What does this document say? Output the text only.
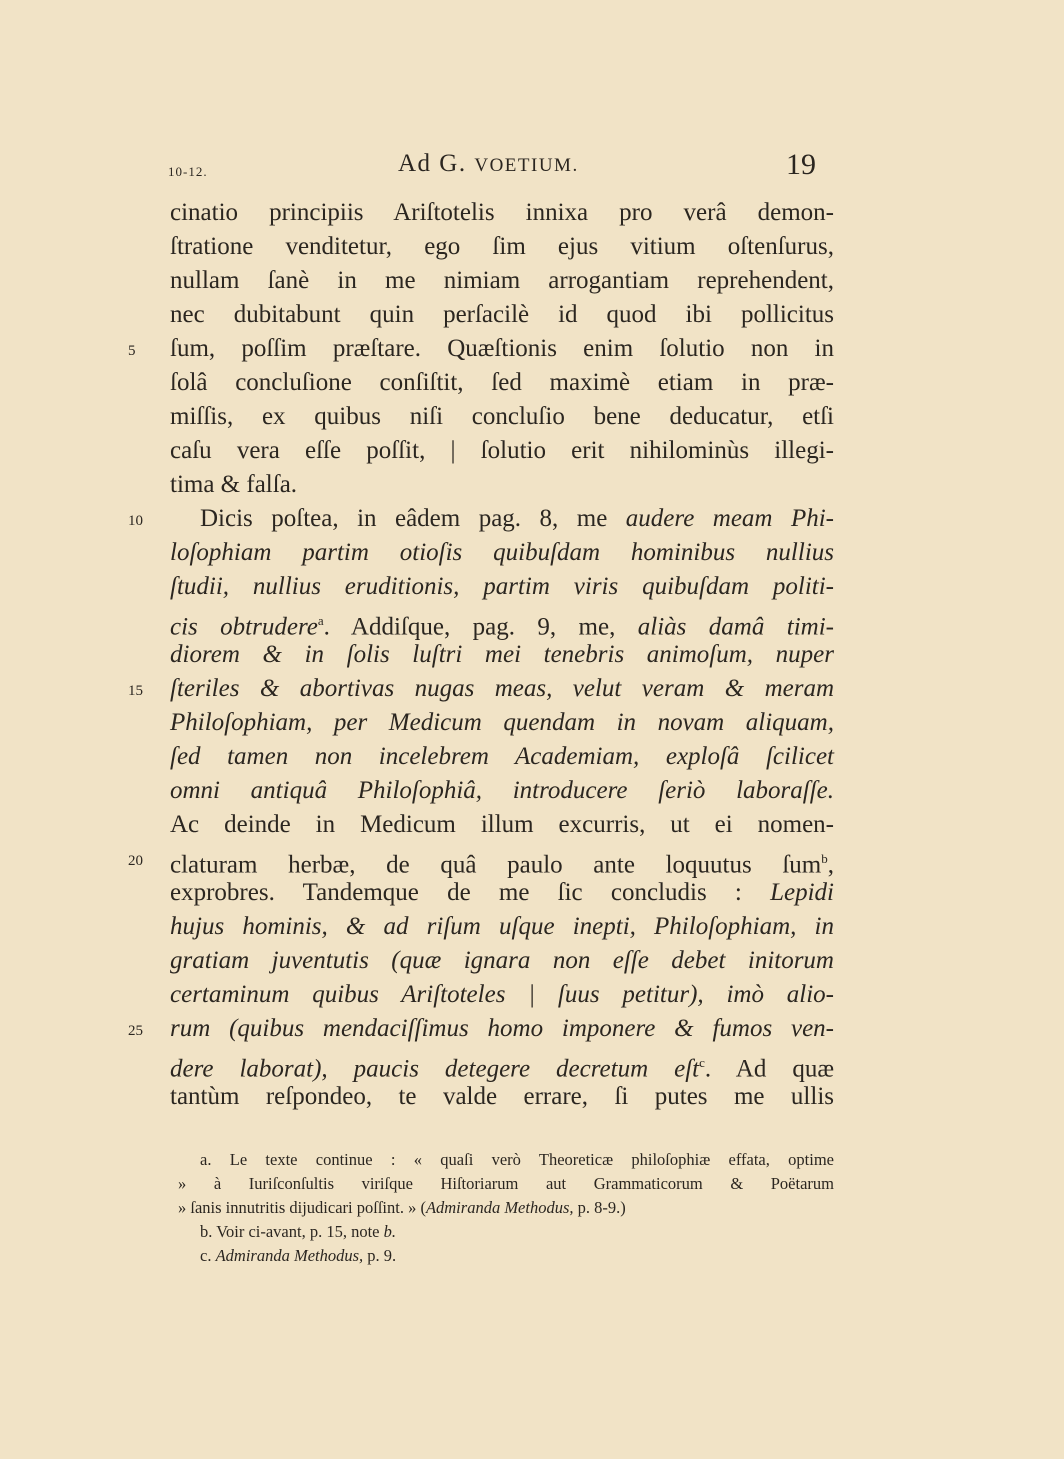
10-12.	Ad G. VOETIUM.	19
cinatio principiis Ariſtotelis innixa pro verâ demon-
ſtratione venditetur, ego ſim ejus vitium oſtenſurus,
nullam ſanè in me nimiam arrogantiam reprehendent,
nec dubitabunt quin perſacilè id quod ibi pollicitus
5	ſum, poſſim præſtare. Quæſtionis enim ſolutio non in
ſolâ concluſione conſiſtit, ſed maximè etiam in præ-
miſſis, ex quibus niſi concluſio bene deducatur, etſi
caſu vera eſſe poſſit, | ſolutio erit nihilominùs illegi-
tima & falſa.
10	Dicis poſtea, in eâdem pag. 8, me audere meam Phi-
loſophiam partim otioſis quibuſdam hominibus nullius
ſtudii, nullius eruditionis, partim viris quibuſdam politi-
cis obtrudere$^a$. Addiſque, pag. 9, me, aliàs damâ timi-
diorem & in ſolis luſtri mei tenebris animoſum, nuper
15	ſteriles & abortivas nugas meas, velut veram & meram
Philoſophiam, per Medicum quendam in novam aliquam,
ſed tamen non incelebrem Academiam, exploſâ ſcilicet
omni antiquâ Philoſophiâ, introducere ſeriò laboraſſe.
Ac deinde in Medicum illum excurris, ut ei nomen-
20	claturam herbæ, de quâ paulo ante loquutus ſum$^b$,
exprobres. Tandemque de me ſic concludis : Lepidi
hujus hominis, & ad riſum uſque inepti, Philoſophiam, in
gratiam juventutis (quæ ignara non eſſe debet initorum
certaminum quibus Ariſtoteles | ſuus petitur), imò alio-
25	rum (quibus mendaciſſimus homo imponere & fumos ven-
dere laborat), paucis detegere decretum eſt$^c$. Ad quæ
tantùm reſpondeo, te valde errare, ſi putes me ullis
a. Le texte continue : « quaſi verò Theoreticæ philoſophiæ effata, optime
» à Iuriſconſultis viriſque Hiſtoriarum aut Grammaticorum & Poëtarum
» ſanis innutritis dijudicari poſſint. » (Admiranda Methodus, p. 8-9.)
b. Voir ci-avant, p. 15, note b.
c. Admiranda Methodus, p. 9.
